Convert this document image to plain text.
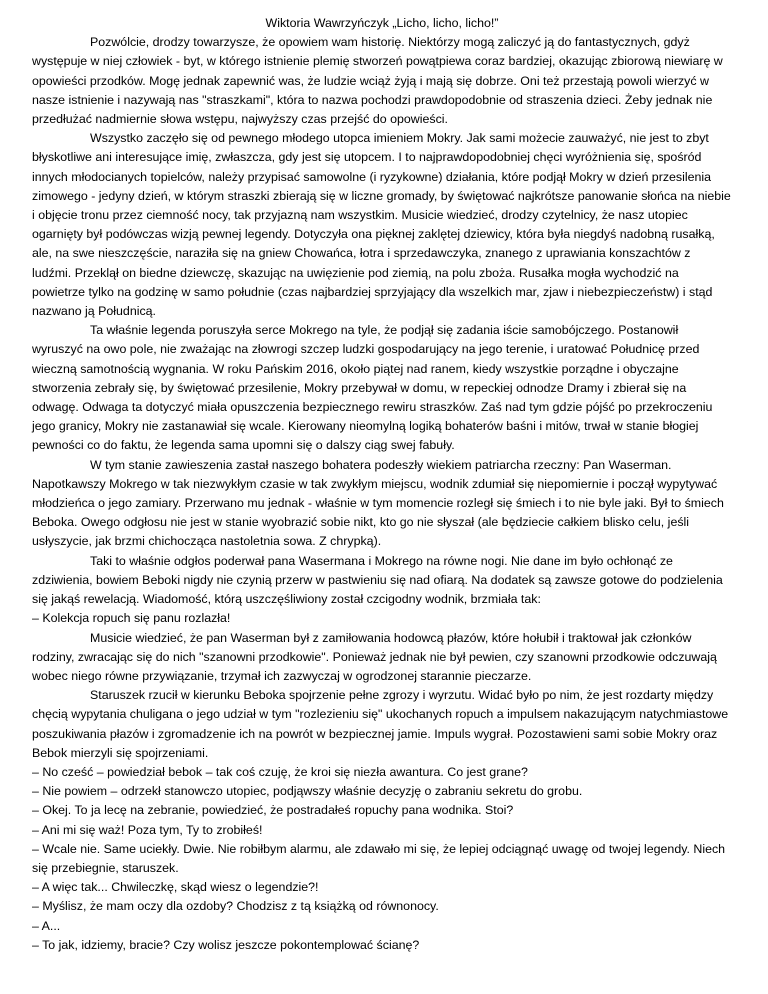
Wiktoria Wawrzyńczyk „Licho, licho, licho!”

Pozwólcie, drodzy towarzysze, że opowiem wam historię. Niektórzy mogą zaliczyć ją do fantastycznych, gdyż występuje w niej człowiek - byt, w którego istnienie plemię stworzeń powątpiewa coraz bardziej, okazując zbiorową niewiarę w opowieści przodków. Mogę jednak zapewnić was, że ludzie wciąż żyją i mają się dobrze. Oni też przestają powoli wierzyć w nasze istnienie i nazywają nas "straszkami", która to nazwa pochodzi prawdopodobnie od straszenia dzieci. Żeby jednak nie przedłużać nadmiernie słowa wstępu, najwyższy czas przejść do opowieści.

Wszystko zaczęło się od pewnego młodego utopca imieniem Mokry. Jak sami możecie zauważyć, nie jest to zbyt błyskotliwe ani interesujące imię, zwłaszcza, gdy jest się utopcem. I to najprawdopodobniej chęci wyróżnienia się, spośród innych młodocianych topielców, należy przypisać samowolne (i ryzykowne) działania, które podjął Mokry w dzień przesilenia zimowego - jedyny dzień, w którym straszki zbierają się w liczne gromady, by świętować najkrótsze panowanie słońca na niebie i objęcie tronu przez ciemność nocy, tak przyjazną nam wszystkim. Musicie wiedzieć, drodzy czytelnicy, że nasz utopiec ogarnięty był podówczas wizją pewnej legendy. Dotyczyła ona pięknej zaklętej dziewicy, która była niegdyś nadobną rusałką, ale, na swe nieszczęście, naraziła się na gniew Chowańca, łotra i sprzedawczyka, znanego z uprawiania konszachtów z ludźmi. Przeklął on biedne dziewczę, skazując na uwięzienie pod ziemią, na polu zboża. Rusałka mogła wychodzić na powietrze tylko na godzinę w samo południe (czas najbardziej sprzyjający dla wszelkich mar, zjaw i niebezpieczeństw) i stąd nazwano ją Południcą.

Ta właśnie legenda poruszyła serce Mokrego na tyle, że podjął się zadania iście samobójczego. Postanowił wyruszyć na owo pole, nie zważając na złowrogi szczep ludzki gospodarujący na jego terenie, i uratować Południcę przed wieczną samotnością wygnania. W roku Pańskim 2016, około piątej nad ranem, kiedy wszystkie porządne i obyczajne stworzenia zebrały się, by świętować przesilenie, Mokry przebywał w domu, w repeckiej odnodze Dramy i zbierał się na odwagę. Odwaga ta dotyczyć miała opuszczenia bezpiecznego rewiru straszków. Zaś nad tym gdzie pójść po przekroczeniu jego granicy, Mokry nie zastanawiał się wcale. Kierowany nieomylną logiką bohaterów baśni i mitów, trwał w stanie błogiej pewności co do faktu, że legenda sama upomni się o dalszy ciąg swej fabuły.

W tym stanie zawieszenia zastał naszego bohatera podeszły wiekiem patriarcha rzeczny: Pan Waserman. Napotkawszy Mokrego w tak niezwykłym czasie w tak zwykłym miejscu, wodnik zdumiał się niepomiernie i począł wypytywać młodzieńca o jego zamiary. Przerwano mu jednak - właśnie w tym momencie rozległ się śmiech i to nie byle jaki. Był to śmiech Beboka. Owego odgłosu nie jest w stanie wyobrazić sobie nikt, kto go nie słyszał (ale będziecie całkiem blisko celu, jeśli usłyszycie, jak brzmi chichocząca nastoletnia sowa. Z chrypką).

Taki to właśnie odgłos poderwał pana Wasermana i Mokrego na równe nogi. Nie dane im było ochłonąć ze zdziwienia, bowiem Beboki nigdy nie czynią przerw w pastwieniu się nad ofiarą. Na dodatek są zawsze gotowe do podzielenia się jakąś rewelacją. Wiadomość, którą uszczęśliwiony został czcigodny wodnik, brzmiała tak:

– Kolekcja ropuch się panu rozlazła!

Musicie wiedzieć, że pan Waserman był z zamiłowania hodowcą płazów, które hołubił i traktował jak członków rodziny, zwracając się do nich "szanowni przodkowie". Ponieważ jednak nie był pewien, czy szanowni przodkowie odczuwają wobec niego równe przywiązanie, trzymał ich zazwyczaj w ogrodzonej starannie pieczarze.

Staruszek rzucił w kierunku Beboka spojrzenie pełne zgrozy i wyrzutu. Widać było po nim, że jest rozdarty między chęcią wypytania chuligana o jego udział w tym "rozlezieniu się" ukochanych ropuch a impulsem nakazującym natychmiastowe poszukiwania płazów i zgromadzenie ich na powrót w bezpiecznej jamie. Impuls wygrał. Pozostawieni sami sobie Mokry oraz Bebok mierzyli się spojrzeniami.

– No cześć – powiedział bebok – tak coś czuję, że kroi się niezła awantura. Co jest grane?

– Nie powiem – odrzekł stanowczo utopiec, podjąwszy właśnie decyzję o zabraniu sekretu do grobu.

– Okej. To ja lecę na zebranie, powiedzieć, że postradałeś ropuchy pana wodnika. Stoi?

– Ani mi się waż! Poza tym, Ty to zrobiłeś!

– Wcale nie. Same uciekły. Dwie. Nie robiłbym alarmu, ale zdawało mi się, że lepiej odciągnąć uwagę od twojej legendy. Niech się przebiegnie, staruszek.

– A więc tak... Chwileczkę, skąd wiesz o legendzie?!

– Myślisz, że mam oczy dla ozdoby? Chodzisz z tą książką od równonocy.

– A...

– To jak, idziemy, bracie? Czy wolisz jeszcze pokontemplować ścianę?
